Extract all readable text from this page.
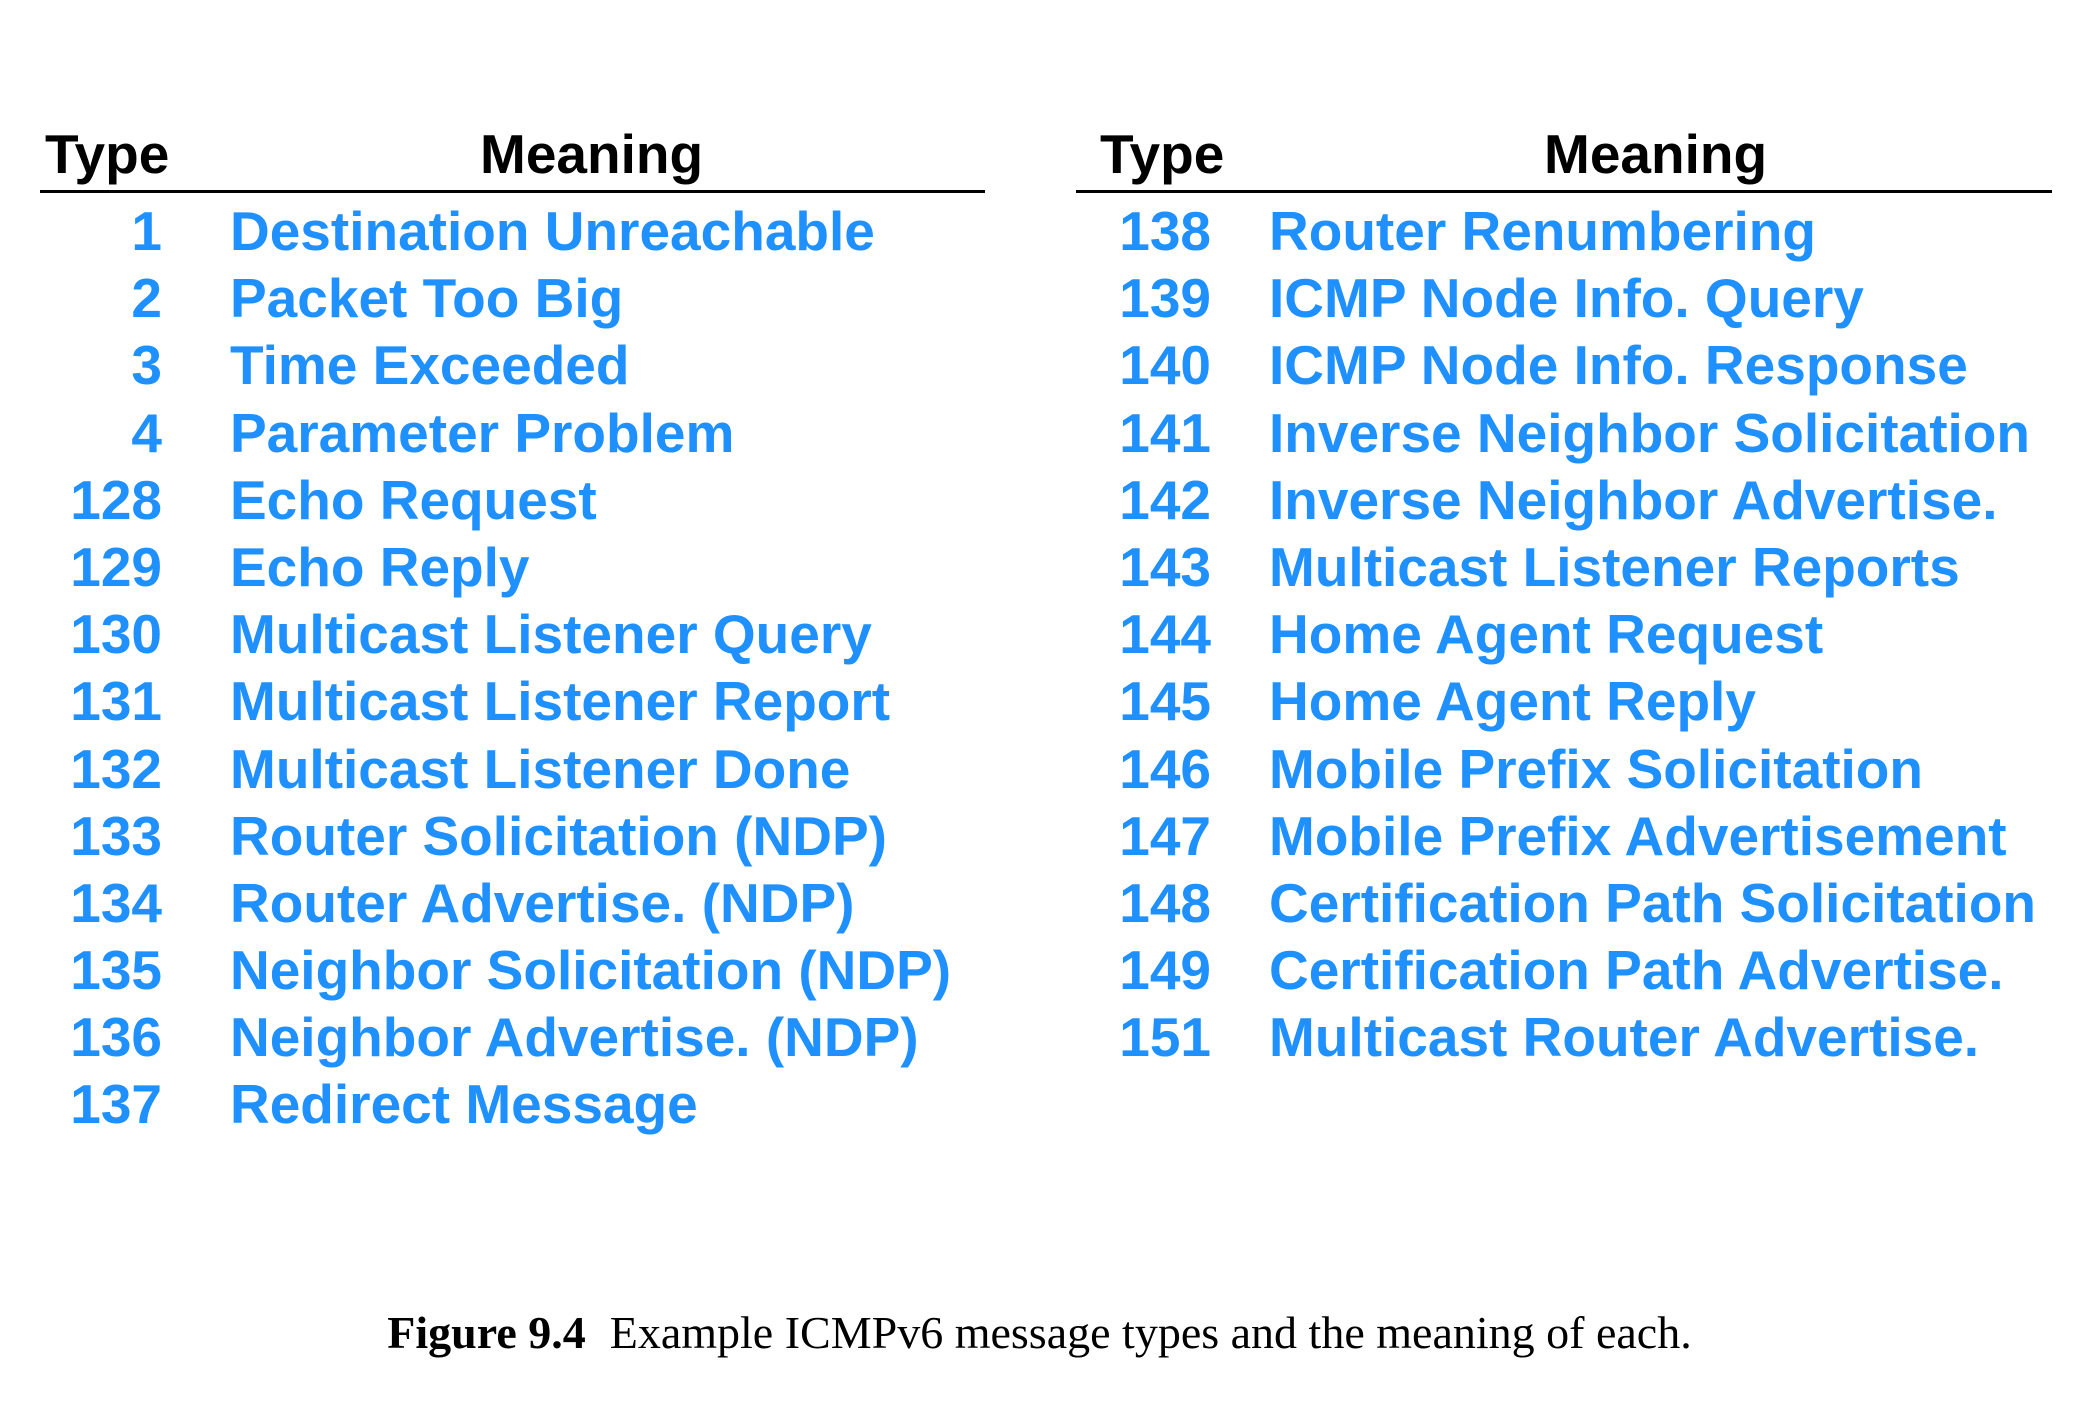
Type	Meaning
1 Destination Unreachable
2 Packet Too Big
3 Time Exceeded
4 Parameter Problem
128 Echo Request
129 Echo Reply
130 Multicast Listener Query
131 Multicast Listener Report
132 Multicast Listener Done
133 Router Solicitation (NDP)
134 Router Advertise. (NDP)
135 Neighbor Solicitation (NDP)
136 Neighbor Advertise. (NDP)
137 Redirect Message
Type	Meaning
138 Router Renumbering
139 ICMP Node Info. Query
140 ICMP Node Info. Response
141 Inverse Neighbor Solicitation
142 Inverse Neighbor Advertise.
143 Multicast Listener Reports
144 Home Agent Request
145 Home Agent Reply
146 Mobile Prefix Solicitation
147 Mobile Prefix Advertisement
148 Certification Path Solicitation
149 Certification Path Advertise.
151 Multicast Router Advertise.
Figure 9.4 Example ICMPv6 message types and the meaning of each.
